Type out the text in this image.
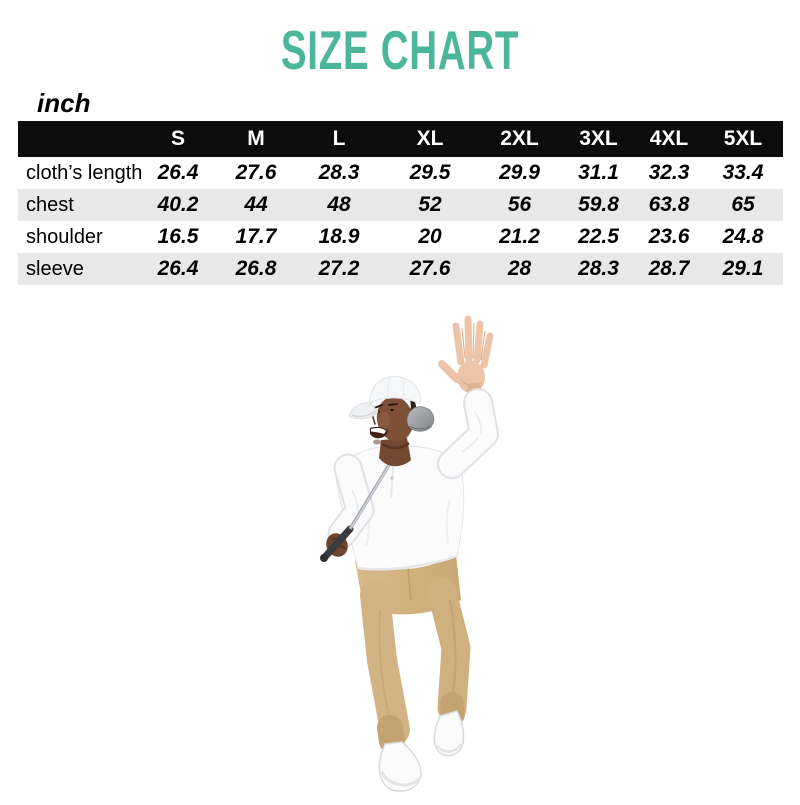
SIZE CHART
inch
	S	M	L	XL	2XL	3XL	4XL	5XL
cloth’s length	26.4	27.6	28.3	29.5	29.9	31.1	32.3	33.4
chest	40.2	44	48	52	56	59.8	63.8	65
shoulder	16.5	17.7	18.9	20	21.2	22.5	23.6	24.8
sleeve	26.4	26.8	27.2	27.6	28	28.3	28.7	29.1
